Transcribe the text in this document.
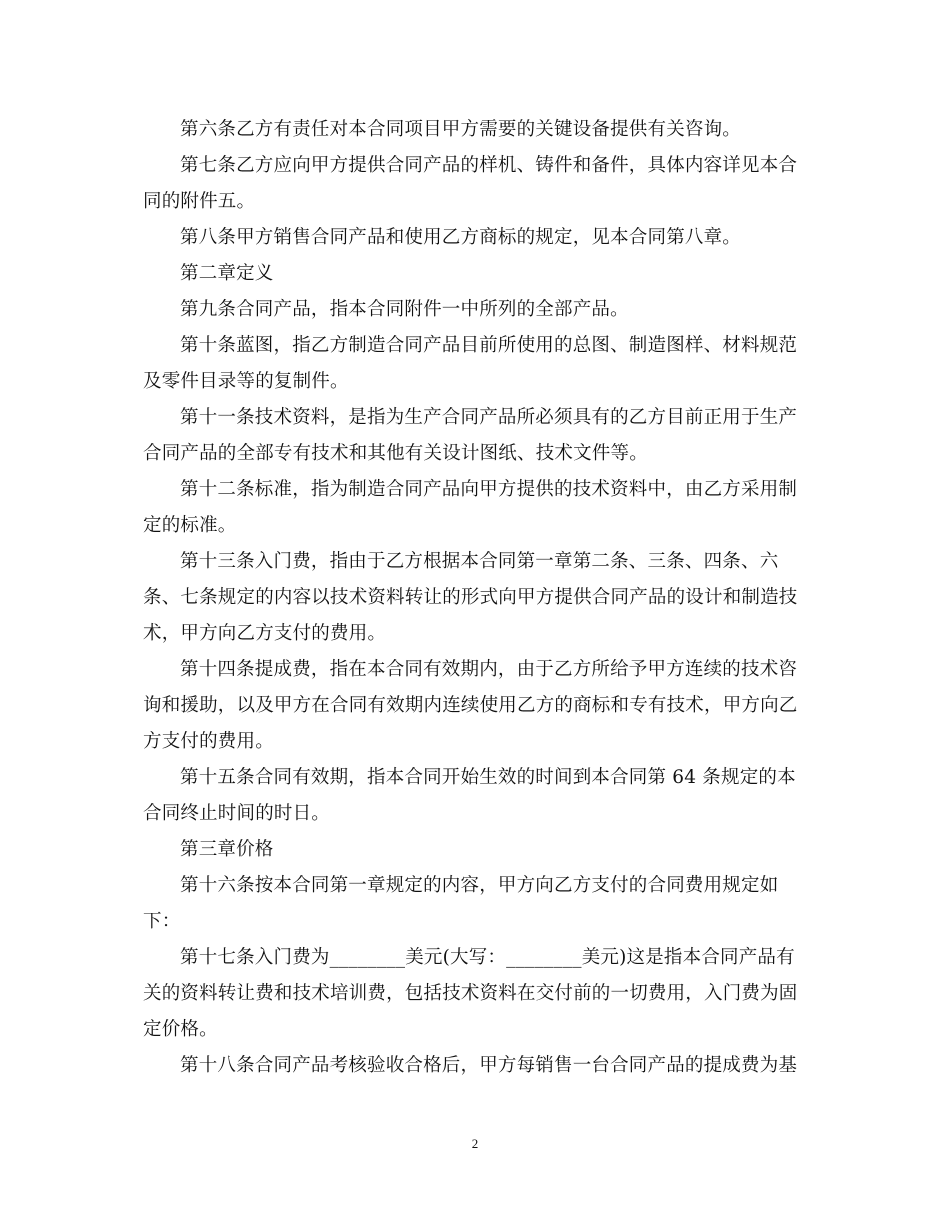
第六条乙方有责任对本合同项目甲方需要的关键设备提供有关咨询。

第七条乙方应向甲方提供合同产品的样机、铸件和备件，具体内容详见本合同的附件五。

第八条甲方销售合同产品和使用乙方商标的规定，见本合同第八章。

第二章定义

第九条合同产品，指本合同附件一中所列的全部产品。

第十条蓝图，指乙方制造合同产品目前所使用的总图、制造图样、材料规范及零件目录等的复制件。

第十一条技术资料，是指为生产合同产品所必须具有的乙方目前正用于生产合同产品的全部专有技术和其他有关设计图纸、技术文件等。

第十二条标准，指为制造合同产品向甲方提供的技术资料中，由乙方采用制定的标准。

第十三条入门费，指由于乙方根据本合同第一章第二条、三条、四条、六条、七条规定的内容以技术资料转让的形式向甲方提供合同产品的设计和制造技术，甲方向乙方支付的费用。

第十四条提成费，指在本合同有效期内，由于乙方所给予甲方连续的技术咨询和援助，以及甲方在合同有效期内连续使用乙方的商标和专有技术，甲方向乙方支付的费用。

第十五条合同有效期，指本合同开始生效的时间到本合同第 64 条规定的本合同终止时间的时日。

第三章价格

第十六条按本合同第一章规定的内容，甲方向乙方支付的合同费用规定如下：

第十七条入门费为________美元(大写：________美元)这是指本合同产品有关的资料转让费和技术培训费，包括技术资料在交付前的一切费用，入门费为固定价格。

第十八条合同产品考核验收合格后，甲方每销售一台合同产品的提成费为基

2
